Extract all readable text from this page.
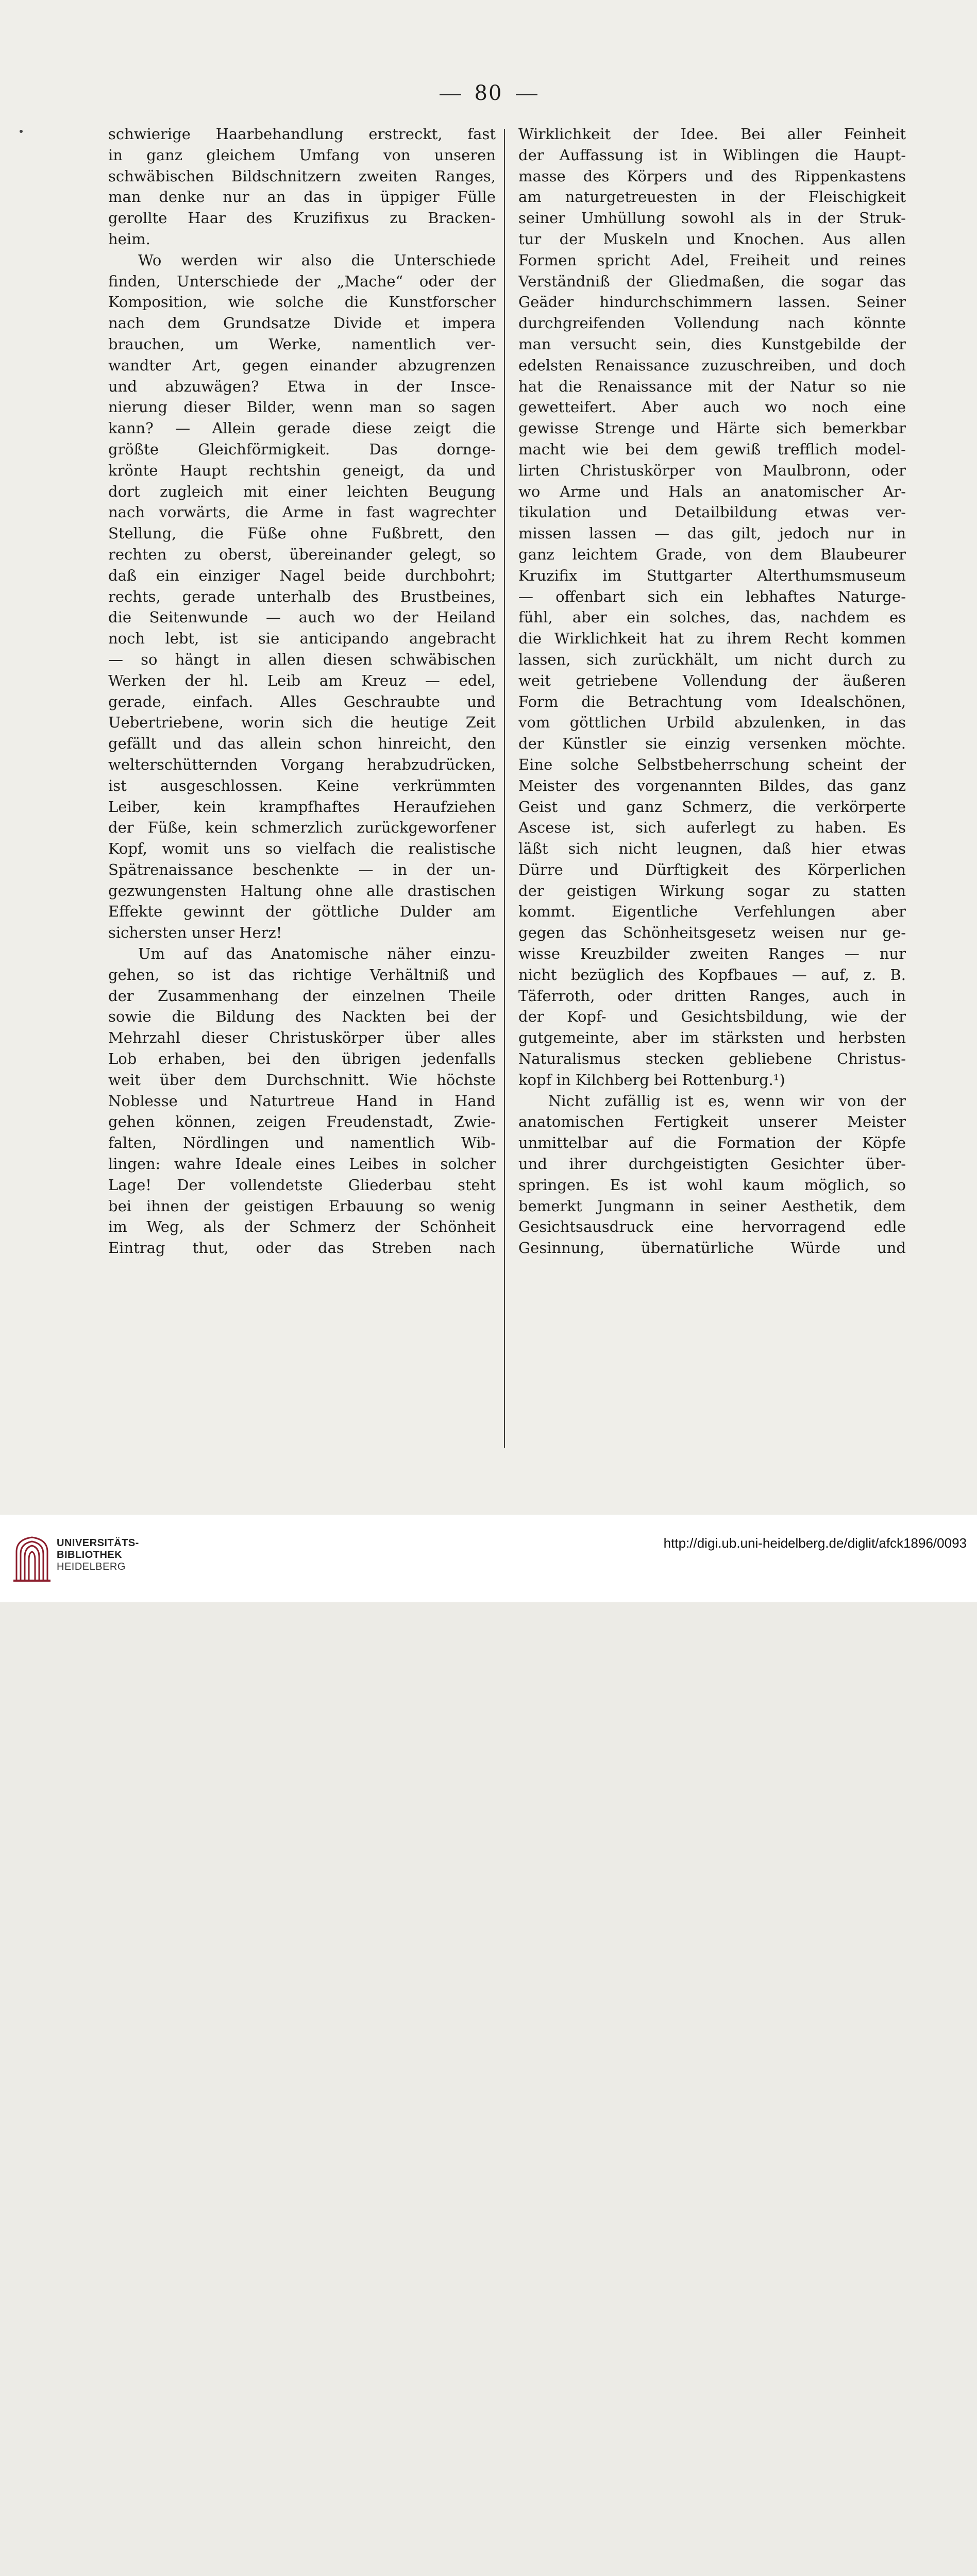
80
schwierige Haarbehandlung erstreckt, fast
in ganz gleichem Umfang von unseren
schwäbischen Bildschnitzern zweiten Ranges,
man denke nur an das in üppiger Fülle
gerollte Haar des Kruzifixus zu Bracken-
heim.
Wo werden wir also die Unterschiede
finden, Unterschiede der „Mache“ oder der
Komposition, wie solche die Kunstforscher
nach dem Grundsatze Divide et impera
brauchen, um Werke, namentlich ver-
wandter Art, gegen einander abzugrenzen
und abzuwägen? Etwa in der Insce-
nierung dieser Bilder, wenn man so sagen
kann? — Allein gerade diese zeigt die
größte Gleichförmigkeit. Das dornge-
krönte Haupt rechtshin geneigt, da und
dort zugleich mit einer leichten Beugung
nach vorwärts, die Arme in fast wagrechter
Stellung, die Füße ohne Fußbrett, den
rechten zu oberst, übereinander gelegt, so
daß ein einziger Nagel beide durchbohrt;
rechts, gerade unterhalb des Brustbeines,
die Seitenwunde — auch wo der Heiland
noch lebt, ist sie anticipando angebracht
— so hängt in allen diesen schwäbischen
Werken der hl. Leib am Kreuz — edel,
gerade, einfach. Alles Geschraubte und
Uebertriebene, worin sich die heutige Zeit
gefällt und das allein schon hinreicht, den
welterschütternden Vorgang herabzudrücken,
ist ausgeschlossen. Keine verkrümmten
Leiber, kein krampfhaftes Heraufziehen
der Füße, kein schmerzlich zurückgeworfener
Kopf, womit uns so vielfach die realistische
Spätrenaissance beschenkte — in der un-
gezwungensten Haltung ohne alle drastischen
Effekte gewinnt der göttliche Dulder am
sichersten unser Herz!
Um auf das Anatomische näher einzu-
gehen, so ist das richtige Verhältniß und
der Zusammenhang der einzelnen Theile
sowie die Bildung des Nackten bei der
Mehrzahl dieser Christuskörper über alles
Lob erhaben, bei den übrigen jedenfalls
weit über dem Durchschnitt. Wie höchste
Noblesse und Naturtreue Hand in Hand
gehen können, zeigen Freudenstadt, Zwie-
falten, Nördlingen und namentlich Wib-
lingen: wahre Ideale eines Leibes in solcher
Lage! Der vollendetste Gliederbau steht
bei ihnen der geistigen Erbauung so wenig
im Weg, als der Schmerz der Schönheit
Eintrag thut, oder das Streben nach
Wirklichkeit der Idee. Bei aller Feinheit
der Auffassung ist in Wiblingen die Haupt-
masse des Körpers und des Rippenkastens
am naturgetreuesten in der Fleischigkeit
seiner Umhüllung sowohl als in der Struk-
tur der Muskeln und Knochen. Aus allen
Formen spricht Adel, Freiheit und reines
Verständniß der Gliedmaßen, die sogar das
Geäder hindurchschimmern lassen. Seiner
durchgreifenden Vollendung nach könnte
man versucht sein, dies Kunstgebilde der
edelsten Renaissance zuzuschreiben, und doch
hat die Renaissance mit der Natur so nie
gewetteifert. Aber auch wo noch eine
gewisse Strenge und Härte sich bemerkbar
macht wie bei dem gewiß trefflich model-
lirten Christuskörper von Maulbronn, oder
wo Arme und Hals an anatomischer Ar-
tikulation und Detailbildung etwas ver-
missen lassen — das gilt, jedoch nur in
ganz leichtem Grade, von dem Blaubeurer
Kruzifix im Stuttgarter Alterthumsmuseum
— offenbart sich ein lebhaftes Naturge-
fühl, aber ein solches, das, nachdem es
die Wirklichkeit hat zu ihrem Recht kommen
lassen, sich zurückhält, um nicht durch zu
weit getriebene Vollendung der äußeren
Form die Betrachtung vom Idealschönen,
vom göttlichen Urbild abzulenken, in das
der Künstler sie einzig versenken möchte.
Eine solche Selbstbeherrschung scheint der
Meister des vorgenannten Bildes, das ganz
Geist und ganz Schmerz, die verkörperte
Ascese ist, sich auferlegt zu haben. Es
läßt sich nicht leugnen, daß hier etwas
Dürre und Dürftigkeit des Körperlichen
der geistigen Wirkung sogar zu statten
kommt. Eigentliche Verfehlungen aber
gegen das Schönheitsgesetz weisen nur ge-
wisse Kreuzbilder zweiten Ranges — nur
nicht bezüglich des Kopfbaues — auf, z. B.
Täferroth, oder dritten Ranges, auch in
der Kopf- und Gesichtsbildung, wie der
gutgemeinte, aber im stärksten und herbsten
Naturalismus stecken gebliebene Christus-
kopf in Kilchberg bei Rottenburg.¹)
Nicht zufällig ist es, wenn wir von der
anatomischen Fertigkeit unserer Meister
unmittelbar auf die Formation der Köpfe
und ihrer durchgeistigten Gesichter über-
springen. Es ist wohl kaum möglich, so
bemerkt Jungmann in seiner Aesthetik, dem
Gesichtsausdruck eine hervorragend edle
Gesinnung, übernatürliche Würde und
UNIVERSITÄTS-
BIBLIOTHEK
HEIDELBERG
http://digi.ub.uni-heidelberg.de/diglit/afck1896/0093
